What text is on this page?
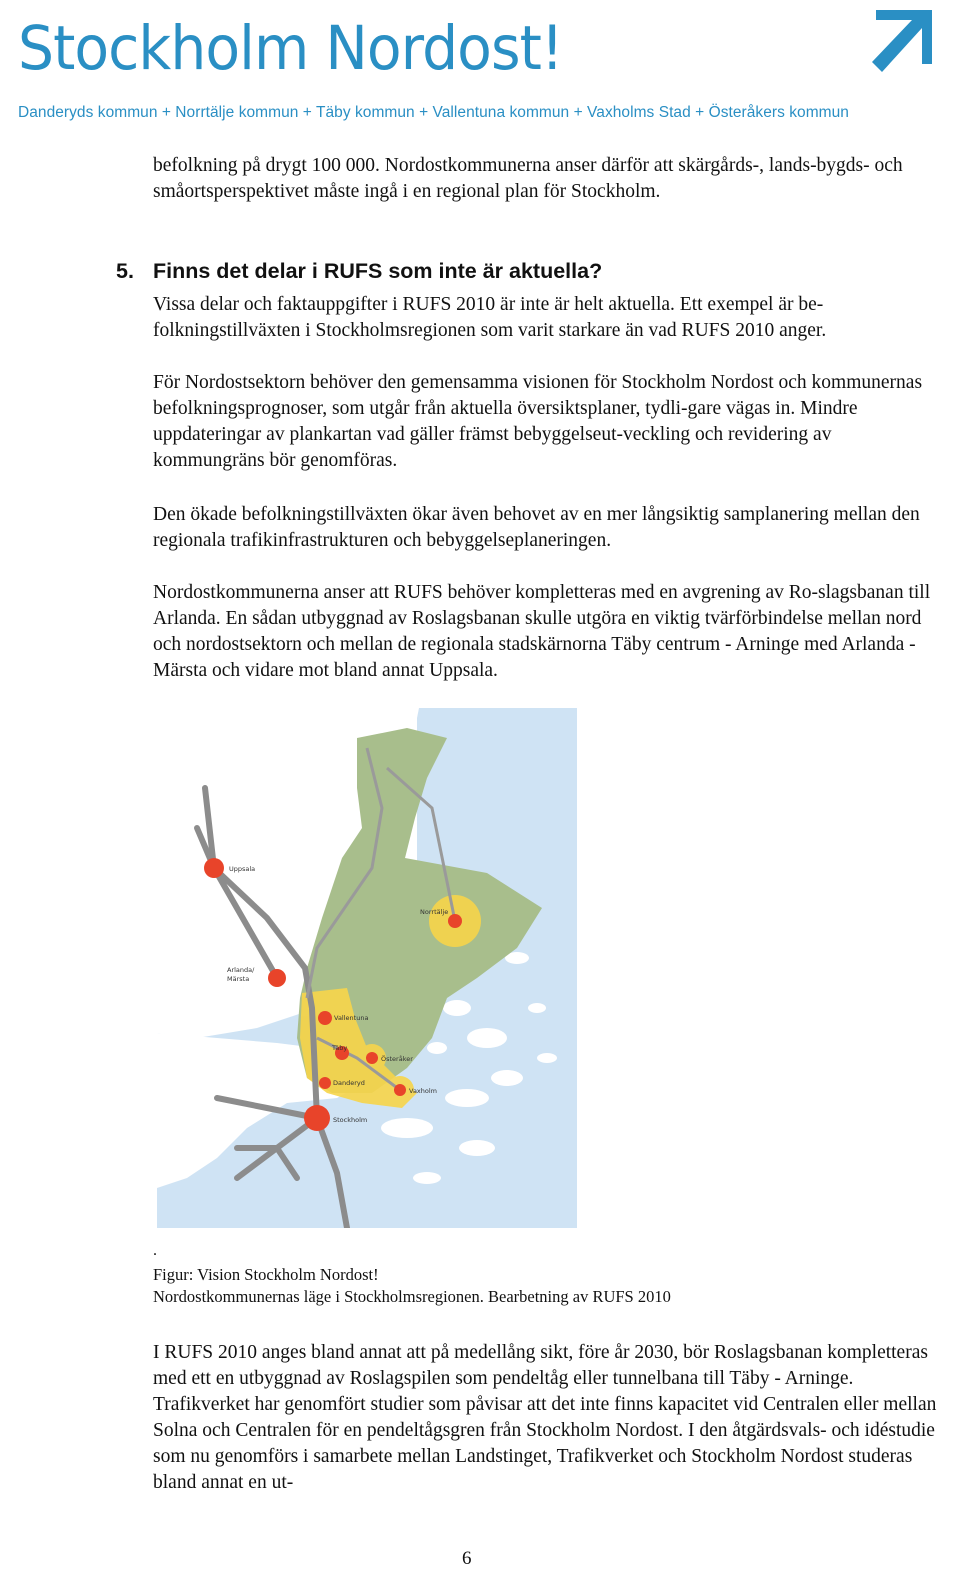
Stockholm Nordost!
Danderyds kommun + Norrtälje kommun + Täby kommun + Vallentuna kommun + Vaxholms Stad + Österåkers kommun

befolkning på drygt 100 000. Nordostkommunerna anser därför att skärgårds-, lands-bygds- och småortsperspektivet måste ingå i en regional plan för Stockholm.

5. Finns det delar i RUFS som inte är aktuella?

Vissa delar och faktauppgifter i RUFS 2010 är inte är helt aktuella. Ett exempel är be-folkningstillväxten i Stockholmsregionen som varit starkare än vad RUFS 2010 anger.

För Nordostsektorn behöver den gemensamma visionen för Stockholm Nordost och kommunernas befolkningsprognoser, som utgår från aktuella översiktsplaner, tydli-gare vägas in. Mindre uppdateringar av plankartan vad gäller främst bebyggelseut-veckling och revidering av kommungräns bör genomföras.

Den ökade befolkningstillväxten ökar även behovet av en mer långsiktig samplanering mellan den regionala trafikinfrastrukturen och bebyggelseplaneringen.

Nordostkommunerna anser att RUFS behöver kompletteras med en avgrening av Ro-slagsbanan till Arlanda. En sådan utbyggnad av Roslagsbanan skulle utgöra en viktig tvärförbindelse mellan nord och nordostsektorn och mellan de regionala stadskärnorna Täby centrum - Arninge med Arlanda - Märsta och vidare mot bland annat Uppsala.

Uppsala
Norrtälje
Arlanda/
Märsta
Vallentuna
Täby
Österåker
Danderyd
Vaxholm
Stockholm
.

Figur: Vision Stockholm Nordost!

Nordostkommunernas läge i Stockholmsregionen. Bearbetning av RUFS 2010

I RUFS 2010 anges bland annat att på medellång sikt, före år 2030, bör Roslagsbanan kompletteras med ett en utbyggnad av Roslagspilen som pendeltåg eller tunnelbana till Täby - Arninge. Trafikverket har genomfört studier som påvisar att det inte finns kapacitet vid Centralen eller mellan Solna och Centralen för en pendeltågsgren från Stockholm Nordost. I den åtgärdsvals- och idéstudie som nu genomförs i samarbete mellan Landstinget, Trafikverket och Stockholm Nordost studeras bland annat en ut-

6
